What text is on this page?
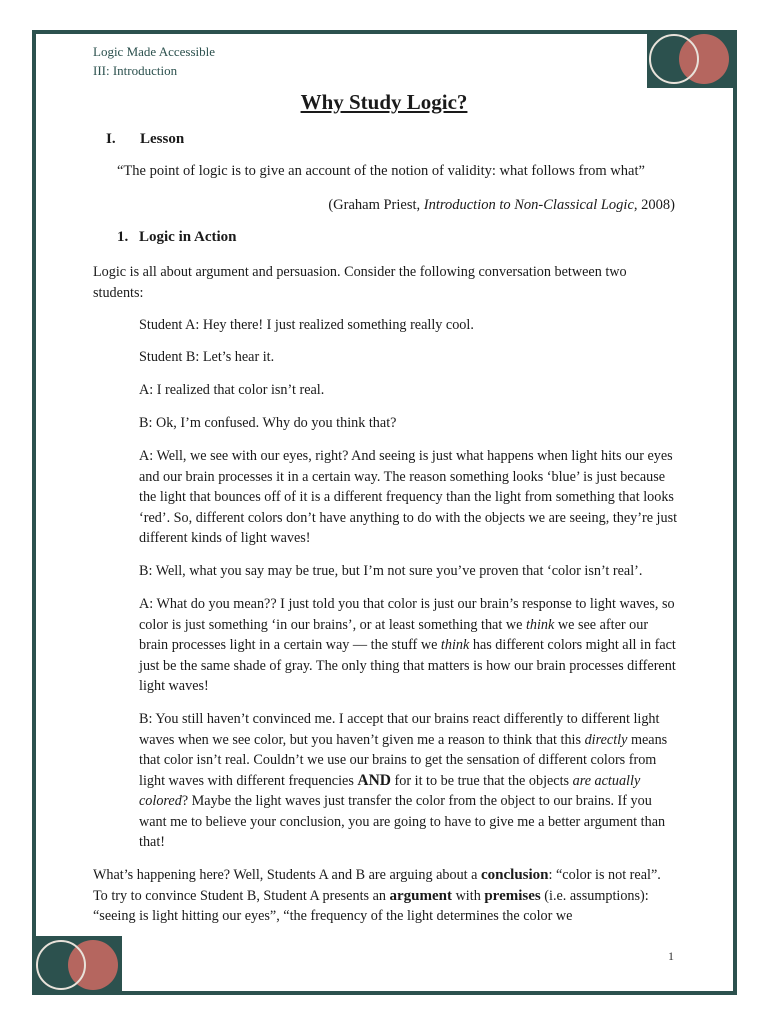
Logic Made Accessible
III: Introduction
Why Study Logic?
I. Lesson
“The point of logic is to give an account of the notion of validity: what follows from what”
(Graham Priest, Introduction to Non-Classical Logic, 2008)
1. Logic in Action

Logic is all about argument and persuasion. Consider the following conversation between two students:

Student A: Hey there! I just realized something really cool.

Student B: Let’s hear it.

A: I realized that color isn’t real.

B: Ok, I’m confused. Why do you think that?

A: Well, we see with our eyes, right? And seeing is just what happens when light hits our eyes and our brain processes it in a certain way. The reason something looks ‘blue’ is just because the light that bounces off of it is a different frequency than the light from something that looks ‘red’. So, different colors don’t have anything to do with the objects we are seeing, they’re just different kinds of light waves!

B: Well, what you say may be true, but I’m not sure you’ve proven that ‘color isn’t real’.

A: What do you mean?? I just told you that color is just our brain’s response to light waves, so color is just something ‘in our brains’, or at least something that we think we see after our brain processes light in a certain way — the stuff we think has different colors might all in fact just be the same shade of gray. The only thing that matters is how our brain processes different light waves!

B: You still haven’t convinced me. I accept that our brains react differently to different light waves when we see color, but you haven’t given me a reason to think that this directly means that color isn’t real. Couldn’t we use our brains to get the sensation of different colors from light waves with different frequencies AND for it to be true that the objects are actually colored? Maybe the light waves just transfer the color from the object to our brains. If you want me to believe your conclusion, you are going to have to give me a better argument than that!

What’s happening here? Well, Students A and B are arguing about a conclusion: “color is not real”. To try to convince Student B, Student A presents an argument with premises (i.e. assumptions): “seeing is light hitting our eyes”, “the frequency of the light determines the color we

1
